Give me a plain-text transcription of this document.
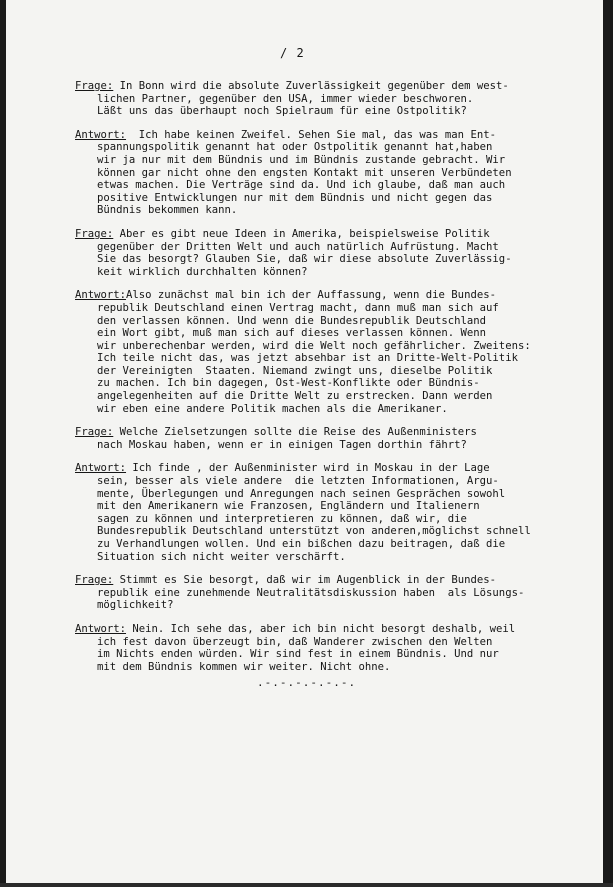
/ 2
Frage: In Bonn wird die absolute Zuverlässigkeit gegenüber dem west-
lichen Partner, gegenüber den USA, immer wieder beschworen.
Läßt uns das überhaupt noch Spielraum für eine Ostpolitik?
Antwort:  Ich habe keinen Zweifel. Sehen Sie mal, das was man Ent-
spannungspolitik genannt hat oder Ostpolitik genannt hat,haben
wir ja nur mit dem Bündnis und im Bündnis zustande gebracht. Wir
können gar nicht ohne den engsten Kontakt mit unseren Verbündeten
etwas machen. Die Verträge sind da. Und ich glaube, daß man auch
positive Entwicklungen nur mit dem Bündnis und nicht gegen das
Bündnis bekommen kann.
Frage: Aber es gibt neue Ideen in Amerika, beispielsweise Politik
gegenüber der Dritten Welt und auch natürlich Aufrüstung. Macht
Sie das besorgt? Glauben Sie, daß wir diese absolute Zuverlässig-
keit wirklich durchhalten können?
Antwort:Also zunächst mal bin ich der Auffassung, wenn die Bundes-
republik Deutschland einen Vertrag macht, dann muß man sich auf
den verlassen können. Und wenn die Bundesrepublik Deutschland
ein Wort gibt, muß man sich auf dieses verlassen können. Wenn
wir unberechenbar werden, wird die Welt noch gefährlicher. Zweitens:
Ich teile nicht das, was jetzt absehbar ist an Dritte-Welt-Politik
der Vereinigten  Staaten. Niemand zwingt uns, dieselbe Politik
zu machen. Ich bin dagegen, Ost-West-Konflikte oder Bündnis-
angelegenheiten auf die Dritte Welt zu erstrecken. Dann werden
wir eben eine andere Politik machen als die Amerikaner.
Frage: Welche Zielsetzungen sollte die Reise des Außenministers
nach Moskau haben, wenn er in einigen Tagen dorthin fährt?
Antwort: Ich finde , der Außenminister wird in Moskau in der Lage
sein, besser als viele andere  die letzten Informationen, Argu-
mente, Überlegungen und Anregungen nach seinen Gesprächen sowohl
mit den Amerikanern wie Franzosen, Engländern und Italienern
sagen zu können und interpretieren zu können, daß wir, die
Bundesrepublik Deutschland unterstützt von anderen,möglichst schnell
zu Verhandlungen wollen. Und ein bißchen dazu beitragen, daß die
Situation sich nicht weiter verschärft.
Frage: Stimmt es Sie besorgt, daß wir im Augenblick in der Bundes-
republik eine zunehmende Neutralitätsdiskussion haben  als Lösungs-
möglichkeit?
Antwort: Nein. Ich sehe das, aber ich bin nicht besorgt deshalb, weil
ich fest davon überzeugt bin, daß Wanderer zwischen den Welten
im Nichts enden würden. Wir sind fest in einem Bündnis. Und nur
mit dem Bündnis kommen wir weiter. Nicht ohne.
.-.-.-.-.-.-.
